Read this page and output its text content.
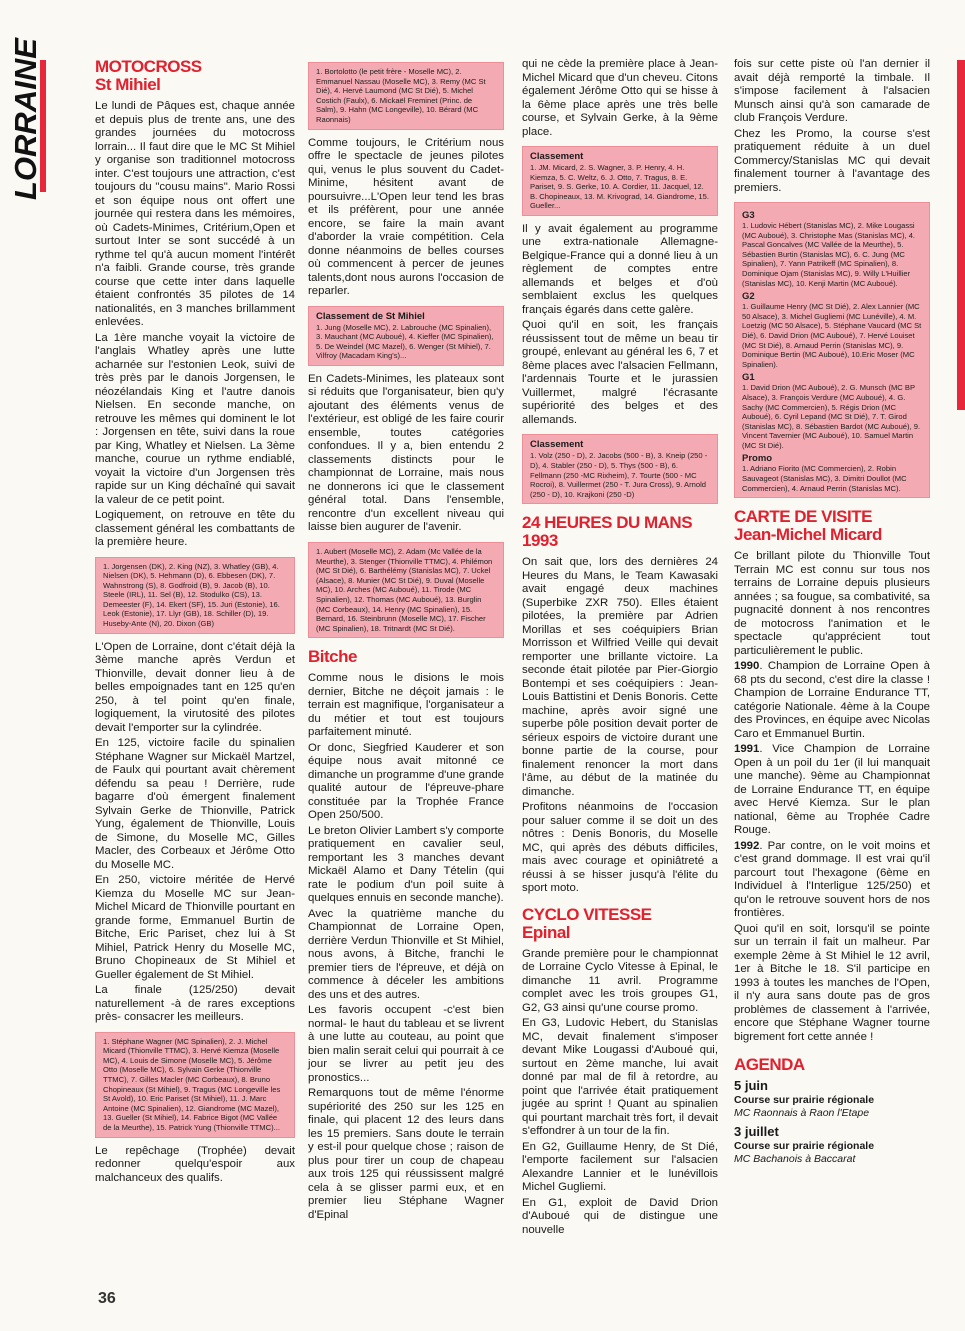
LORRAINE	MOTOCROSS
St Mihiel

Le lundi de Pâques est, chaque année et depuis plus de trente ans, une des grandes journées du motocross lorrain... Il faut dire que le MC St Mihiel y organise son traditionnel motocross inter. C'est toujours une attraction, c'est toujours du "cousu mains". Mario Rossi et son équipe nous ont offert une journée qui restera dans les mémoires, où Cadets-Minimes, Critérium,Open et surtout Inter se sont succédé à un rythme tel qu'à aucun moment l'intérêt n'a faibli. Grande course, très grande course que cette inter dans laquelle étaient confrontés 35 pilotes de 14 nationalités, en 3 manches brillamment enlevées.

La 1ère manche voyait la victoire de l'anglais Whatley après une lutte acharnée sur l'estonien Leok, suivi de très près par le danois Jorgensen, le néozélandais King et l'autre danois Nielsen. En seconde manche, on retrouve les mêmes qui dominent le lot : Jorgensen en tête, suivi dans la roue par King, Whatley et Nielsen. La 3ème manche, courue un rythme endiablé, voyait la victoire d'un Jorgensen très rapide sur un King déchaîné qui savait la valeur de ce petit point.

Logiquement, on retrouve en tête du classement général les combattants de la première heure.

1. Jorgensen (DK), 2. King (NZ), 3. Whatley (GB), 4. Nielsen (DK), 5. Hehmann (D), 6. Ebbesen (DK), 7. Wahnstrong (S), 8. Godfroid (B), 9. Jacob (B), 10. Steele (IRL), 11. Sel (B), 12. Stodulko (CS), 13. Demeester (F), 14. Ekert (SF), 15. Juri (Estonie), 16. Leok (Estonie), 17. Llyr (GB), 18. Schiller (D), 19. Huseby-Ante (N), 20. Dixon (GB)

L'Open de Lorraine, dont c'était déjà la 3ème manche après Verdun et Thionville, devait donner lieu à de belles empoignades tant en 125 qu'en 250, à tel point qu'en finale, logiquement, la virutosité des pilotes devait l'emporter sur la cylindrée.

En 125, victoire facile du spinalien Stéphane Wagner sur Mickaël Martzel, de Faulx qui pourtant avait chèrement défendu sa peau ! Derrière, rude bagarre d'où émergent finalement Sylvain Gerke de Thionville, Patrick Yung, également de Thionville, Louis de Simone, du Moselle MC, Gilles Macler, des Corbeaux et Jérôme Otto du Moselle MC.

En 250, victoire méritée de Hervé Kiemza du Moselle MC sur Jean-Michel Micard de Thionville pourtant en grande forme, Emmanuel Burtin de Bitche, Eric Pariset, chez lui à St Mihiel, Patrick Henry du Moselle MC, Bruno Chopineaux de St Mihiel et Gueller également de St Mihiel.

La finale (125/250) devait naturellement -à de rares exceptions près- consacrer les meilleurs.

1. Stéphane Wagner (MC Spinalien), 2. J. Michel Micard (Thionville TTMC), 3. Hervé Kiemza (Moselle MC), 4. Louis de Simone (Moselle MC), 5. Jérôme Otto (Moselle MC), 6. Sylvain Gerke (Thionville TTMC), 7. Gilles Macler (MC Corbeaux), 8. Bruno Chopineaux (St Mihiel), 9. Tragus (MC Longeville les St Avold), 10. Eric Pariset (St Mihiel), 11. J. Marc Antoine (MC Spinalien), 12. Giandrome (MC Mazel), 13. Gueller (St Mihiel), 14. Fabrice Bigot (MC Vallée de la Meurthe), 15. Patrick Yung (Thionville TTMC)...

Le repêchage (Trophée) devait redonner quelqu'espoir aux malchanceux des qualifs.

1. Bortolotto (le petit frère - Moselle MC), 2. Emmanuel Nassau (Moselle MC), 3. Remy (MC St Dié), 4. Hervé Laumond (MC St Dié), 5. Michel Costich (Faulx), 6. Mickaël Freminet (Princ. de Salm), 9. Hahn (MC Longeville), 10. Bérard (MC Raonnais)

Comme toujours, le Critérium nous offre le spectacle de jeunes pilotes qui, venus le plus souvent du Cadet-Minime, hésitent avant de poursuivre...L'Open leur tend les bras et ils préfèrent, pour une année encore, se faire la main avant d'aborder la vraie compétition. Cela donne néanmoins de belles courses où commencent à percer de jeunes talents,dont nous aurons l'occasion de reparler.

Classement de St Mihiel
1. Jung (Moselle MC), 2. Labrouche (MC Spinalien), 3. Mauchant (MC Auboué), 4. Kieffer (MC Spinalien), 5. De Weindel (MC Mazel), 6. Wenger (St Mihiel), 7. Vilfroy (Macadam King's)...

En Cadets-Minimes, les plateaux sont si réduits que l'organisateur, bien qu'y ajoutant des éléments venus de l'extérieur, est obligé de les faire courir ensemble, toutes catégories confondues. Il y a, bien entendu 2 classements distincts pour le championnat de Lorraine, mais nous ne donnerons ici que le classement général total. Dans l'ensemble, rencontre d'un excellent niveau qui laisse bien augurer de l'avenir.

1. Aubert (Moselle MC), 2. Adam (Mc Vallée de la Meurthe), 3. Stenger (Thionville TTMC), 4. Philémon (MC St Dié), 6. Barthélémy (Stanislas MC), 7. Uckel (Alsace), 8. Munier (MC St Dié), 9. Duval (Moselle MC), 10. Arches (MC Auboué), 11. Tirode (MC Spinalien), 12. Thomas (MC Auboué), 13. Burglin (MC Corbeaux), 14. Henry (MC Spinalien), 15. Bernard, 16. Steinbrunn (Moselle MC), 17. Fischer (MC Spinalien), 18. Tritnardt (MC St Dié).
Bitche

Comme nous le disions le mois dernier, Bitche ne déçoit jamais : le terrain est magnifique, l'organisateur a du métier et tout est toujours parfaitement minuté.

Or donc, Siegfried Kauderer et son équipe nous avait mitonné ce dimanche un programme d'une grande qualité autour de l'épreuve-phare constituée par la Trophée France Open 250/500.

Le breton Olivier Lambert s'y comporte pratiquement en cavalier seul, remportant les 3 manches devant Mickaël Alamo et Dany Tételin (qui rate le podium d'un poil suite à quelques ennuis en seconde manche).

Avec la quatrième manche du Championnat de Lorraine Open, derrière Verdun Thionville et St Mihiel, nous avons, à Bitche, franchi le premier tiers de l'épreuve, et déjà on commence à déceler les ambitions des uns et des autres.

Les favoris occupent -c'est bien normal- le haut du tableau et se livrent à une lutte au couteau, au point que bien malin serait celui qui pourrait à ce jour se livrer au petit jeu des pronostics...

Remarquons tout de même l'énorme supériorité des 250 sur les 125 en finale, qui placent 12 des leurs dans les 15 premiers. Sans doute le terrain y est-il pour quelque chose ; raison de plus pour tirer un coup de chapeau aux trois 125 qui réussissent malgré cela à se glisser parmi eux, et en premier lieu Stéphane Wagner d'Epinal

qui ne cède la première place à Jean-Michel Micard que d'un cheveu. Citons également Jérôme Otto qui se hisse à la 6ème place après une très belle course, et Sylvain Gerke, à la 9ème place.

Classement
1. JM. Micard, 2. S. Wagner, 3. P. Henry, 4. H. Kiemza, 5. C. Weltz, 6. J. Otto, 7. Tragus, 8. E. Pariset, 9. S. Gerke, 10. A. Cordier, 11. Jacquel, 12. B. Chopineaux, 13. M. Krivograd, 14. Giandrome, 15. Gueller...

Il y avait également au programme une extra-nationale Allemagne-Belgique-France qui a donné lieu à un règlement de comptes entre allemands et belges et d'où semblaient exclus les quelques français égarés dans cette galère.

Quoi qu'il en soit, les français réussissent tout de même un beau tir groupé, enlevant au général les 6, 7 et 8ème places avec l'alsacien Fellmann, l'ardennais Tourte et le jurassien Vuillermet, malgré l'écrasante supériorité des belges et des allemands.

Classement
1. Volz (250 - D), 2. Jacobs (500 - B), 3. Kneip (250 - D), 4. Stabler (250 - D), 5. Thys (500 - B), 6. Fellmann (250 -MC Rixheim), 7. Tourte (500 - MC Rocroi), 8. Vuillermet (250 - T. Jura Cross), 9. Arnold (250 - D), 10. Krajkoni (250 -D)
24 HEURES DU MANS
1993

On sait que, lors des dernières 24 Heures du Mans, le Team Kawasaki avait engagé deux machines (Superbike ZXR 750). Elles étaient pilotées, la première par Adrien Morillas et ses coéquipiers Brian Morrisson et Wilfried Veille qui devait remporter une brillante victoire. La seconde était pilotée par Pier-Giorgio Bontempi et ses coéquipiers : Jean-Louis Battistini et Denis Bonoris. Cette machine, après avoir signé une superbe pôle position devait porter de sérieux espoirs de victoire durant une bonne partie de la course, pour finalement renoncer la mort dans l'âme, au début de la matinée du dimanche.

Profitons néanmoins de l'occasion pour saluer comme il se doit un des nôtres : Denis Bonoris, du Moselle MC, qui après des débuts difficiles, mais avec courage et opiniâtreté a réussi à se hisser jusqu'à l'élite du sport moto.

CYCLO VITESSE
Epinal

Grande première pour le championnat de Lorraine Cyclo Vitesse à Epinal, le dimanche 11 avril. Programme complet avec les trois groupes G1, G2, G3 ainsi qu'une course promo.

En G3, Ludovic Hebert, du Stanislas MC, devait finalement s'imposer devant Mike Lougassi d'Auboué qui, surtout en 2ème manche, lui avait donné par mal de fil à retordre, au point que l'arrivée était pratiquement jugée au sprint ! Quant au spinalien qui pourtant marchait très fort, il devait s'effondrer à un tour de la fin.

En G2, Guillaume Henry, de St Dié, l'emporte facilement sur l'alsacien Alexandre Lannier et le lunévillois Michel Gugliemi.

En G1, exploit de David Drion d'Auboué qui de distingue une nouvelle

fois sur cette piste où l'an dernier il avait déjà remporté la timbale. Il s'impose facilement à l'alsacien Munsch ainsi qu'à son camarade de club François Verdure.

Chez les Promo, la course s'est pratiquement réduite à un duel Commercy/Stanislas MC qui devait finalement tourner à l'avantage des premiers.

G3
1. Ludovic Hébert (Stanislas MC), 2. Mike Lougassi (MC Auboué), 3. Christophe Mas (Stanislas MC), 4. Pascal Goncalves (MC Vallée de la Meurthe), 5. Sébastien Burtin (Stanislas MC), 6. C. Jung (MC Spinalien), 7. Yann Patrikeff (MC Spinalien), 8. Dominique Ojam (Stanislas MC), 9. Willy L'Huillier (Stanislas MC), 10. Kenji Martin (MC Auboué).
G2
1. Guillaume Henry (MC St Dié), 2. Alex Lannier (MC 50 Alsace), 3. Michel Gugliemi (MC Lunéville), 4. M. Loetzig (MC 50 Alsace), 5. Stéphane Vaucard (MC St Dié), 6. David Drion (MC Auboué), 7. Hervé Louiset (MC St Dié), 8. Arnaud Perrin (Stanislas MC), 9. Dominique Bertin (MC Auboué), 10.Eric Moser (MC Spinalien).
G1
1. David Drion (MC Auboué), 2. G. Munsch (MC BP Alsace), 3. François Verdure (MC Auboué), 4. G. Sachy (MC Commercien), 5. Régis Drion (MC Auboué), 6. Cyril Lepand (MC St Dié), 7. T. Girod (Stanislas MC), 8. Sébastien Bardot (MC Auboué), 9. Vincent Tavernier (MC Auboué), 10. Samuel Martin (MC St Dié).
Promo
1. Adriano Fiorito (MC Commercien), 2. Robin Sauvageot (Stanislas MC), 3. Dimitri Doullot (MC Commercien), 4. Arnaud Perrin (Stanislas MC).
CARTE DE VISITE
Jean-Michel Micard

Ce brillant pilote du Thionville Tout Terrain MC est connu sur tous nos terrains de Lorraine depuis plusieurs années ; sa fougue, sa combativité, sa pugnacité donnent à nos rencontres de motocross l'animation et le spectacle qu'apprécient tout particulièrement le public.

1990. Champion de Lorraine Open à 68 pts du second, c'est dire la classe ! Champion de Lorraine Endurance TT, catégorie Nationale. 4ème à la Coupe des Provinces, en équipe avec Nicolas Caro et Emmanuel Burtin.

1991. Vice Champion de Lorraine Open à un poil du 1er (il lui manquait une manche). 9ème au Championnat de Lorraine Endurance TT, en équipe avec Hervé Kiemza. Sur le plan national, 6ème au Trophée Cadre Rouge.

1992. Par contre, on le voit moins et c'est grand dommage. Il est vrai qu'il parcourt tout l'hexagone (6ème en Individuel à l'Interligue 125/250) et qu'on le retrouve souvent hors de nos frontières.

Quoi qu'il en soit, lorsqu'il se pointe sur un terrain il fait un malheur. Par exemple 2ème à St Mihiel le 12 avril, 1er à Bitche le 18. S'il participe en 1993 à toutes les manches de l'Open, il n'y aura sans doute pas de gros problèmes de classement à l'arrivée, encore que Stéphane Wagner tourne bigrement fort cette année !

AGENDA
5 juin
Course sur prairie régionale
MC Raonnais à Raon l'Etape
3 juillet
Course sur prairie régionale
MC Bachanois à Baccarat
36
